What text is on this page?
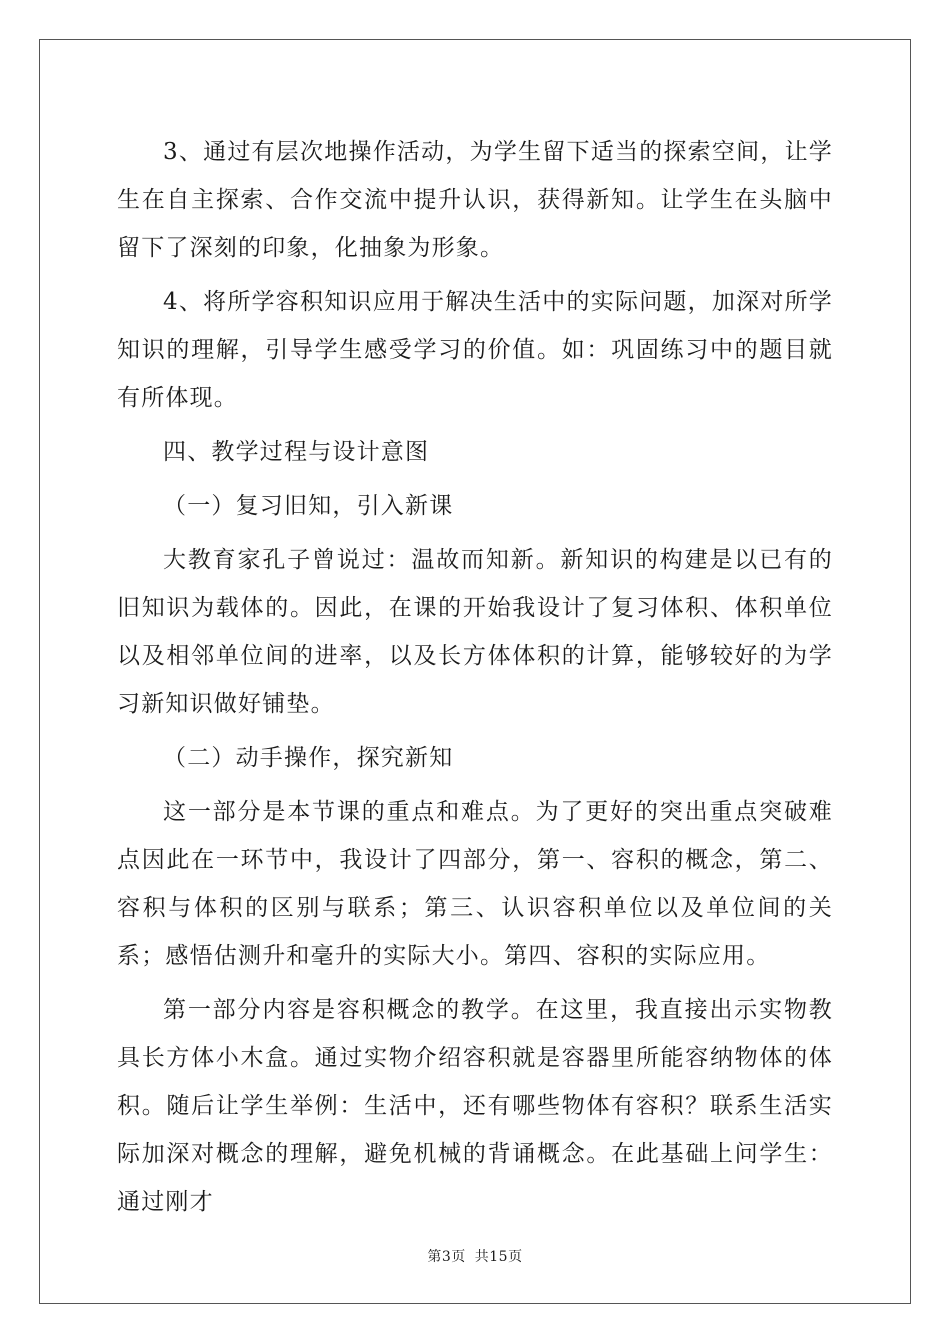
3、通过有层次地操作活动，为学生留下适当的探索空间，让学生在自主探索、合作交流中提升认识，获得新知。让学生在头脑中留下了深刻的印象，化抽象为形象。

4、将所学容积知识应用于解决生活中的实际问题，加深对所学知识的理解，引导学生感受学习的价值。如：巩固练习中的题目就有所体现。

四、教学过程与设计意图

（一）复习旧知，引入新课

大教育家孔子曾说过：温故而知新。新知识的构建是以已有的旧知识为载体的。因此，在课的开始我设计了复习体积、体积单位以及相邻单位间的进率，以及长方体体积的计算，能够较好的为学习新知识做好铺垫。

（二）动手操作，探究新知

这一部分是本节课的重点和难点。为了更好的突出重点突破难点因此在一环节中，我设计了四部分，第一、容积的概念，第二、容积与体积的区别与联系；第三、认识容积单位以及单位间的关系；感悟估测升和毫升的实际大小。第四、容积的实际应用。

第一部分内容是容积概念的教学。在这里，我直接出示实物教具长方体小木盒。通过实物介绍容积就是容器里所能容纳物体的体积。随后让学生举例：生活中，还有哪些物体有容积？联系生活实际加深对概念的理解，避免机械的背诵概念。在此基础上问学生：通过刚才

第3页 共15页
